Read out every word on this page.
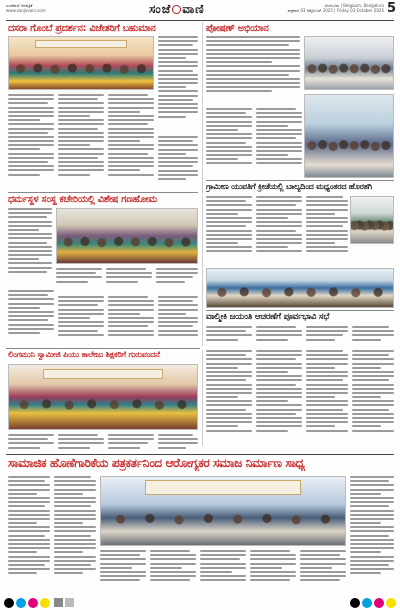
ಸಂಜೆವಾಣಿ ದಿನಪತ್ರಿಕೆ
www.sanjevani.com	ಸಂಜೆ ವಾಣಿ	ಬೆಂಗಳೂರು | Belgaum, Bengaluru
ಶುಕ್ರವಾರ 03 ಅಕ್ಟೋಬರ್ 2025 | Friday 03 October 2025 5
ದಸರಾ ಗೊಂಬೆ ಪ್ರದರ್ಶನ: ವಿಜೇತರಿಗೆ ಬಹುಮಾನ	ಪೋಷಣ್ ಅಭಿಯಾನ
ಗ್ರಾಮೀಣ ಯುವತಿಗೆ ಕ್ರೀಡೆಯಲ್ಲಿ ಬಾಲ್ಯದಿಂದ ಮಧ್ಯಂತರದ ಹೊರತಗಿ
ಧರ್ಮಸ್ಥಳ ಸಂಸ್ಥ ಕಚೇರಿಯಲ್ಲಿ ವಿಶೇಷ ಗಣಹೋಮ
ವಾಲ್ಮೀಕಿ ಜಯಂತಿ ಆಚರಣೆಗೆ ಪೂರ್ವಭಾವಿ ಸಭೆ
ಲಿಂಗಮುನಿ ಸ್ವಾಮೀಜಿ ಪಿಯು ಕಾಲೇಜು ಶಿಕ್ಷಕರಿಗೆ ಗುರುವಂದನೆ
ಸಾಮಾಜಿಕ ಹೊಣೆಗಾರಿಕೆಯ ಪತ್ರಕರ್ತನಿಂದ ಆರೋಗ್ಯಕರ ಸಮಾಜ ನಿರ್ಮಾಣ ಸಾಧ್ಯ
